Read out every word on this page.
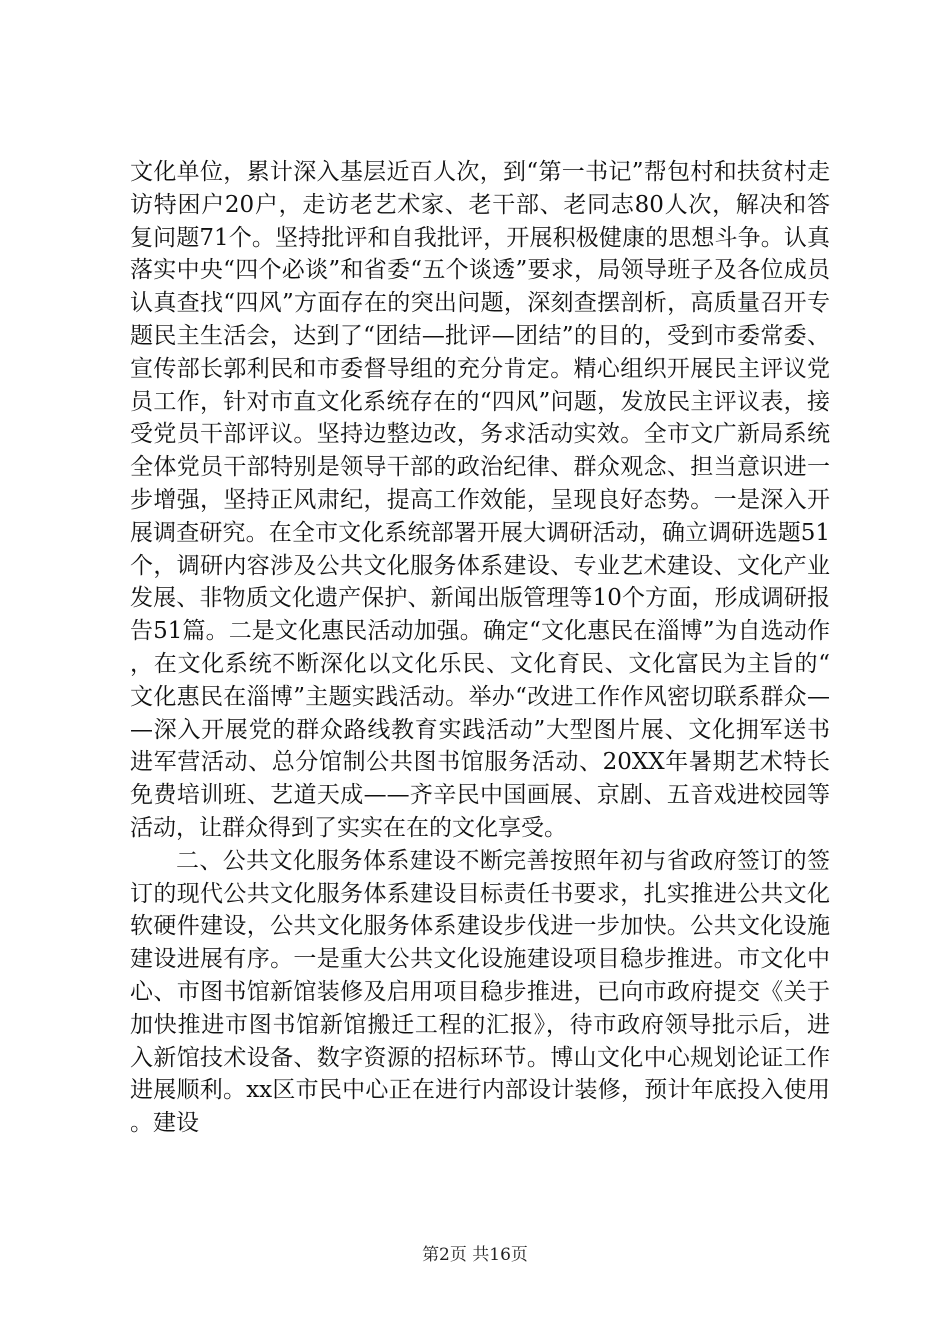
文化单位，累计深入基层近百人次，到“第一书记”帮包村和扶贫村走访特困户20户，走访老艺术家、老干部、老同志80人次，解决和答复问题71个。坚持批评和自我批评，开展积极健康的思想斗争。认真落实中央“四个必谈”和省委“五个谈透”要求，局领导班子及各位成员认真查找“四风”方面存在的突出问题，深刻查摆剖析，高质量召开专题民主生活会，达到了“团结—批评—团结”的目的，受到市委常委、宣传部长郭利民和市委督导组的充分肯定。精心组织开展民主评议党员工作，针对市直文化系统存在的“四风”问题，发放民主评议表，接受党员干部评议。坚持边整边改，务求活动实效。全市文广新局系统全体党员干部特别是领导干部的政治纪律、群众观念、担当意识进一步增强，坚持正风肃纪，提高工作效能，呈现良好态势。一是深入开展调查研究。在全市文化系统部署开展大调研活动，确立调研选题51个，调研内容涉及公共文化服务体系建设、专业艺术建设、文化产业发展、非物质文化遗产保护、新闻出版管理等10个方面，形成调研报告51篇。二是文化惠民活动加强。确定“文化惠民在淄博”为自选动作，在文化系统不断深化以文化乐民、文化育民、文化富民为主旨的“文化惠民在淄博”主题实践活动。举办“改进工作作风密切联系群众——深入开展党的群众路线教育实践活动”大型图片展、文化拥军送书进军营活动、总分馆制公共图书馆服务活动、20XX年暑期艺术特长免费培训班、艺道天成——齐辛民中国画展、京剧、五音戏进校园等活动，让群众得到了实实在在的文化享受。

二、公共文化服务体系建设不断完善按照年初与省政府签订的签订的现代公共文化服务体系建设目标责任书要求，扎实推进公共文化软硬件建设，公共文化服务体系建设步伐进一步加快。公共文化设施建设进展有序。一是重大公共文化设施建设项目稳步推进。市文化中心、市图书馆新馆装修及启用项目稳步推进，已向市政府提交《关于加快推进市图书馆新馆搬迁工程的汇报》，待市政府领导批示后，进入新馆技术设备、数字资源的招标环节。博山文化中心规划论证工作进展顺利。xx区市民中心正在进行内部设计装修，预计年底投入使用。建设

第2页 共16页
